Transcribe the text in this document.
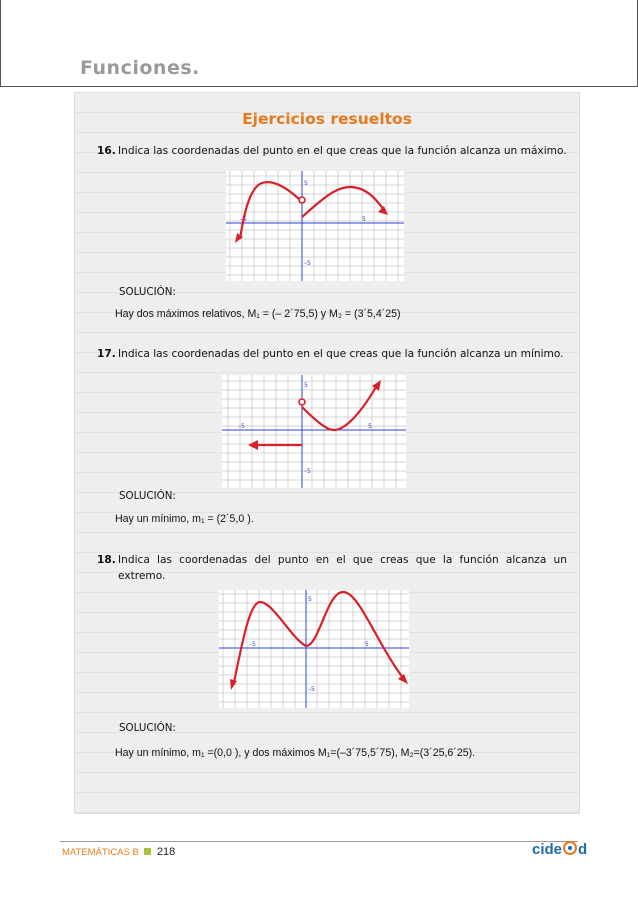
Funciones.
Ejercicios resueltos
16. Indica las coordenadas del punto en el que creas que la función alcanza un máximo.
–5	5
5
–5
SOLUCIÓN:
Hay dos máximos relativos, M₁ = (– 2´75,5) y M₂ = (3´5,4´25)
17. Indica las coordenadas del punto en el que creas que la función alcanza un mínimo.
–5	5
5
–5
SOLUCIÓN:
Hay un mínimo, m₁ = (2´5,0 ).
18. Indica las coordenadas del punto en el que creas que la función alcanza un extremo.
–5	5
5
–5
SOLUCIÓN:
Hay un mínimo, m₁ =(0,0 ), y dos máximos M₁=(–3´75,5´75), M₂=(3´25,6´25).
MATEMÁTICAS B 218	cide d
